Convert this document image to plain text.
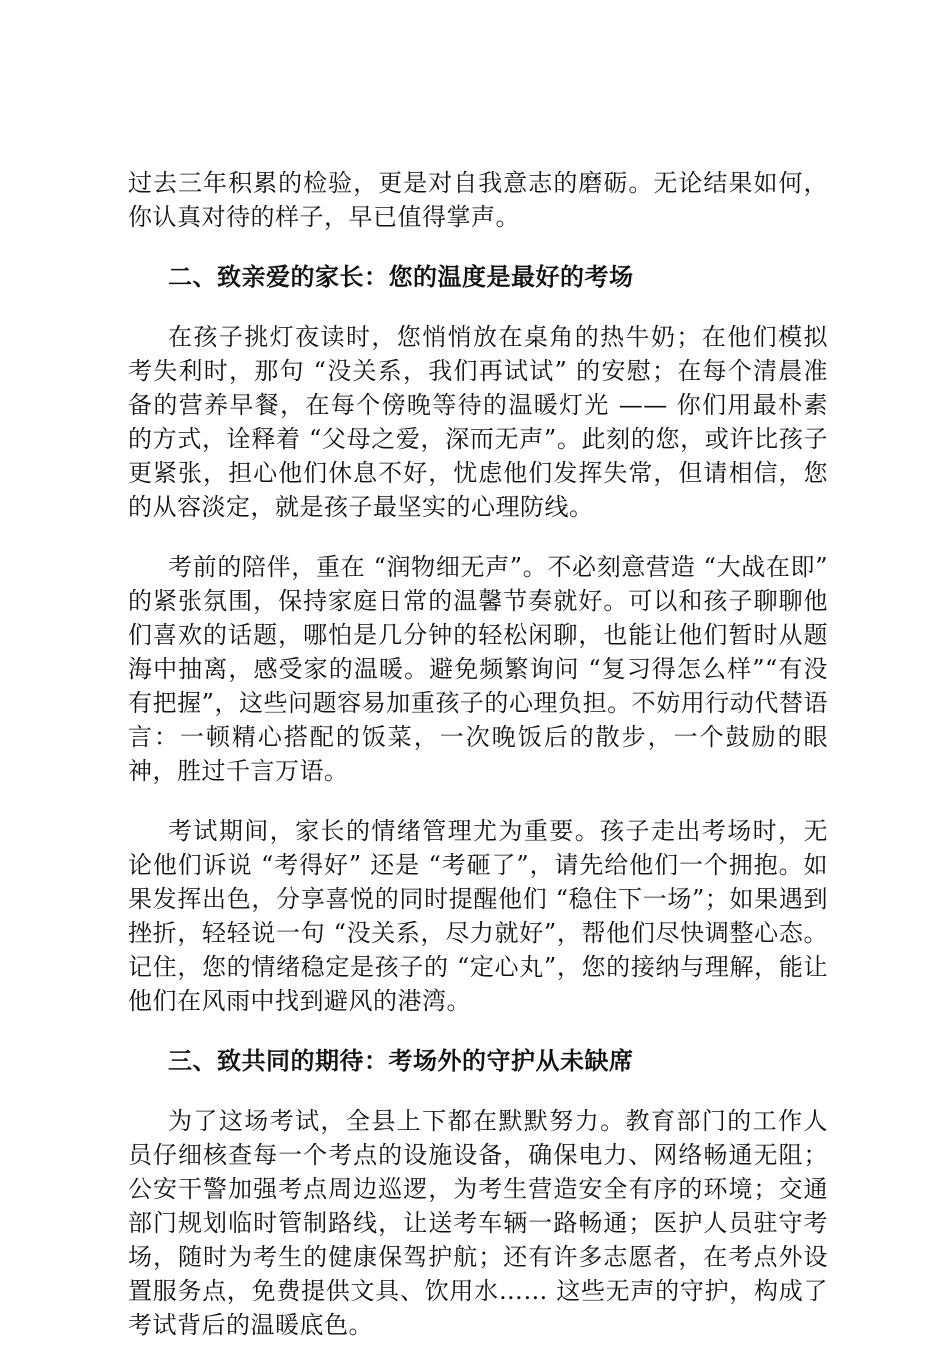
过去三年积累的检验，更是对自我意志的磨砺。无论结果如何，你认真对待的样子，早已值得掌声。

二、致亲爱的家长：您的温度是最好的考场

在孩子挑灯夜读时，您悄悄放在桌角的热牛奶；在他们模拟考失利时，那句 “没关系，我们再试试” 的安慰；在每个清晨准备的营养早餐，在每个傍晚等待的温暖灯光 —— 你们用最朴素的方式，诠释着 “父母之爱，深而无声”。此刻的您，或许比孩子更紧张，担心他们休息不好，忧虑他们发挥失常，但请相信，您的从容淡定，就是孩子最坚实的心理防线。

考前的陪伴，重在 “润物细无声”。不必刻意营造 “大战在即” 的紧张氛围，保持家庭日常的温馨节奏就好。可以和孩子聊聊他们喜欢的话题，哪怕是几分钟的轻松闲聊，也能让他们暂时从题海中抽离，感受家的温暖。避免频繁询问 “复习得怎么样”“有没有把握”，这些问题容易加重孩子的心理负担。不妨用行动代替语言：一顿精心搭配的饭菜，一次晚饭后的散步，一个鼓励的眼神，胜过千言万语。

考试期间，家长的情绪管理尤为重要。孩子走出考场时，无论他们诉说 “考得好” 还是 “考砸了”，请先给他们一个拥抱。如果发挥出色，分享喜悦的同时提醒他们 “稳住下一场”；如果遇到挫折，轻轻说一句 “没关系，尽力就好”，帮他们尽快调整心态。记住，您的情绪稳定是孩子的 “定心丸”，您的接纳与理解，能让他们在风雨中找到避风的港湾。

三、致共同的期待：考场外的守护从未缺席

为了这场考试，全县上下都在默默努力。教育部门的工作人员仔细核查每一个考点的设施设备，确保电力、网络畅通无阻；公安干警加强考点周边巡逻，为考生营造安全有序的环境；交通部门规划临时管制路线，让送考车辆一路畅通；医护人员驻守考场，随时为考生的健康保驾护航；还有许多志愿者，在考点外设置服务点，免费提供文具、饮用水…… 这些无声的守护，构成了考试背后的温暖底色。
